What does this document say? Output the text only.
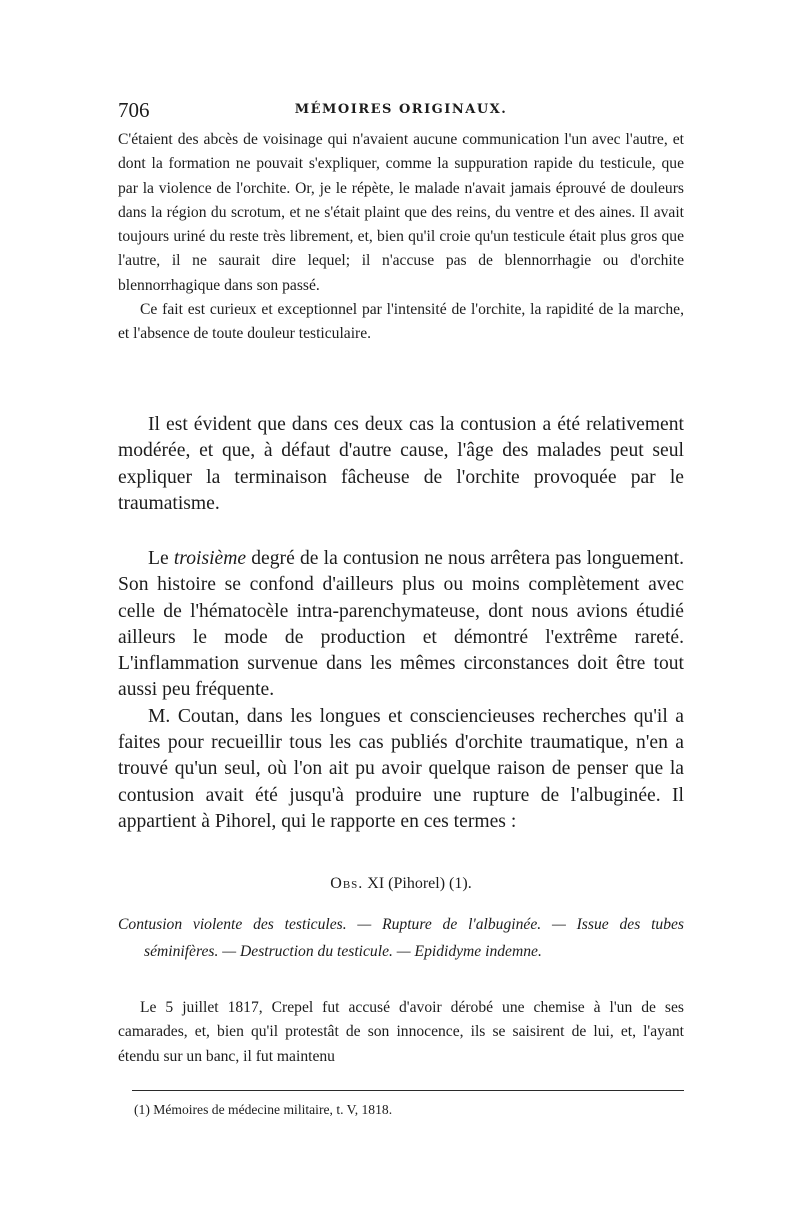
706	MÉMOIRES ORIGINAUX.

C'étaient des abcès de voisinage qui n'avaient aucune communication l'un avec l'autre, et dont la formation ne pouvait s'expliquer, comme la suppuration rapide du testicule, que par la violence de l'orchite. Or, je le répète, le malade n'avait jamais éprouvé de douleurs dans la région du scrotum, et ne s'était plaint que des reins, du ventre et des aines. Il avait toujours uriné du reste très librement, et, bien qu'il croie qu'un testicule était plus gros que l'autre, il ne saurait dire lequel; il n'accuse pas de blennorrhagie ou d'orchite blennorrhagique dans son passé.

Ce fait est curieux et exceptionnel par l'intensité de l'orchite, la rapidité de la marche, et l'absence de toute douleur testiculaire.

Il est évident que dans ces deux cas la contusion a été relativement modérée, et que, à défaut d'autre cause, l'âge des malades peut seul expliquer la terminaison fâcheuse de l'orchite provoquée par le traumatisme.

Le troisième degré de la contusion ne nous arrêtera pas longuement. Son histoire se confond d'ailleurs plus ou moins complètement avec celle de l'hématocèle intra-parenchymateuse, dont nous avions étudié ailleurs le mode de production et démontré l'extrême rareté. L'inflammation survenue dans les mêmes circonstances doit être tout aussi peu fréquente.

M. Coutan, dans les longues et consciencieuses recherches qu'il a faites pour recueillir tous les cas publiés d'orchite traumatique, n'en a trouvé qu'un seul, où l'on ait pu avoir quelque raison de penser que la contusion avait été jusqu'à produire une rupture de l'albuginée. Il appartient à Pihorel, qui le rapporte en ces termes :

Obs. XI (Pihorel) (1).

Contusion violente des testicules. — Rupture de l'albuginée. — Issue des tubes séminifères. — Destruction du testicule. — Epididyme indemne.

Le 5 juillet 1817, Crepel fut accusé d'avoir dérobé une chemise à l'un de ses camarades, et, bien qu'il protestât de son innocence, ils se saisirent de lui, et, l'ayant étendu sur un banc, il fut maintenu

(1) Mémoires de médecine militaire, t. V, 1818.
